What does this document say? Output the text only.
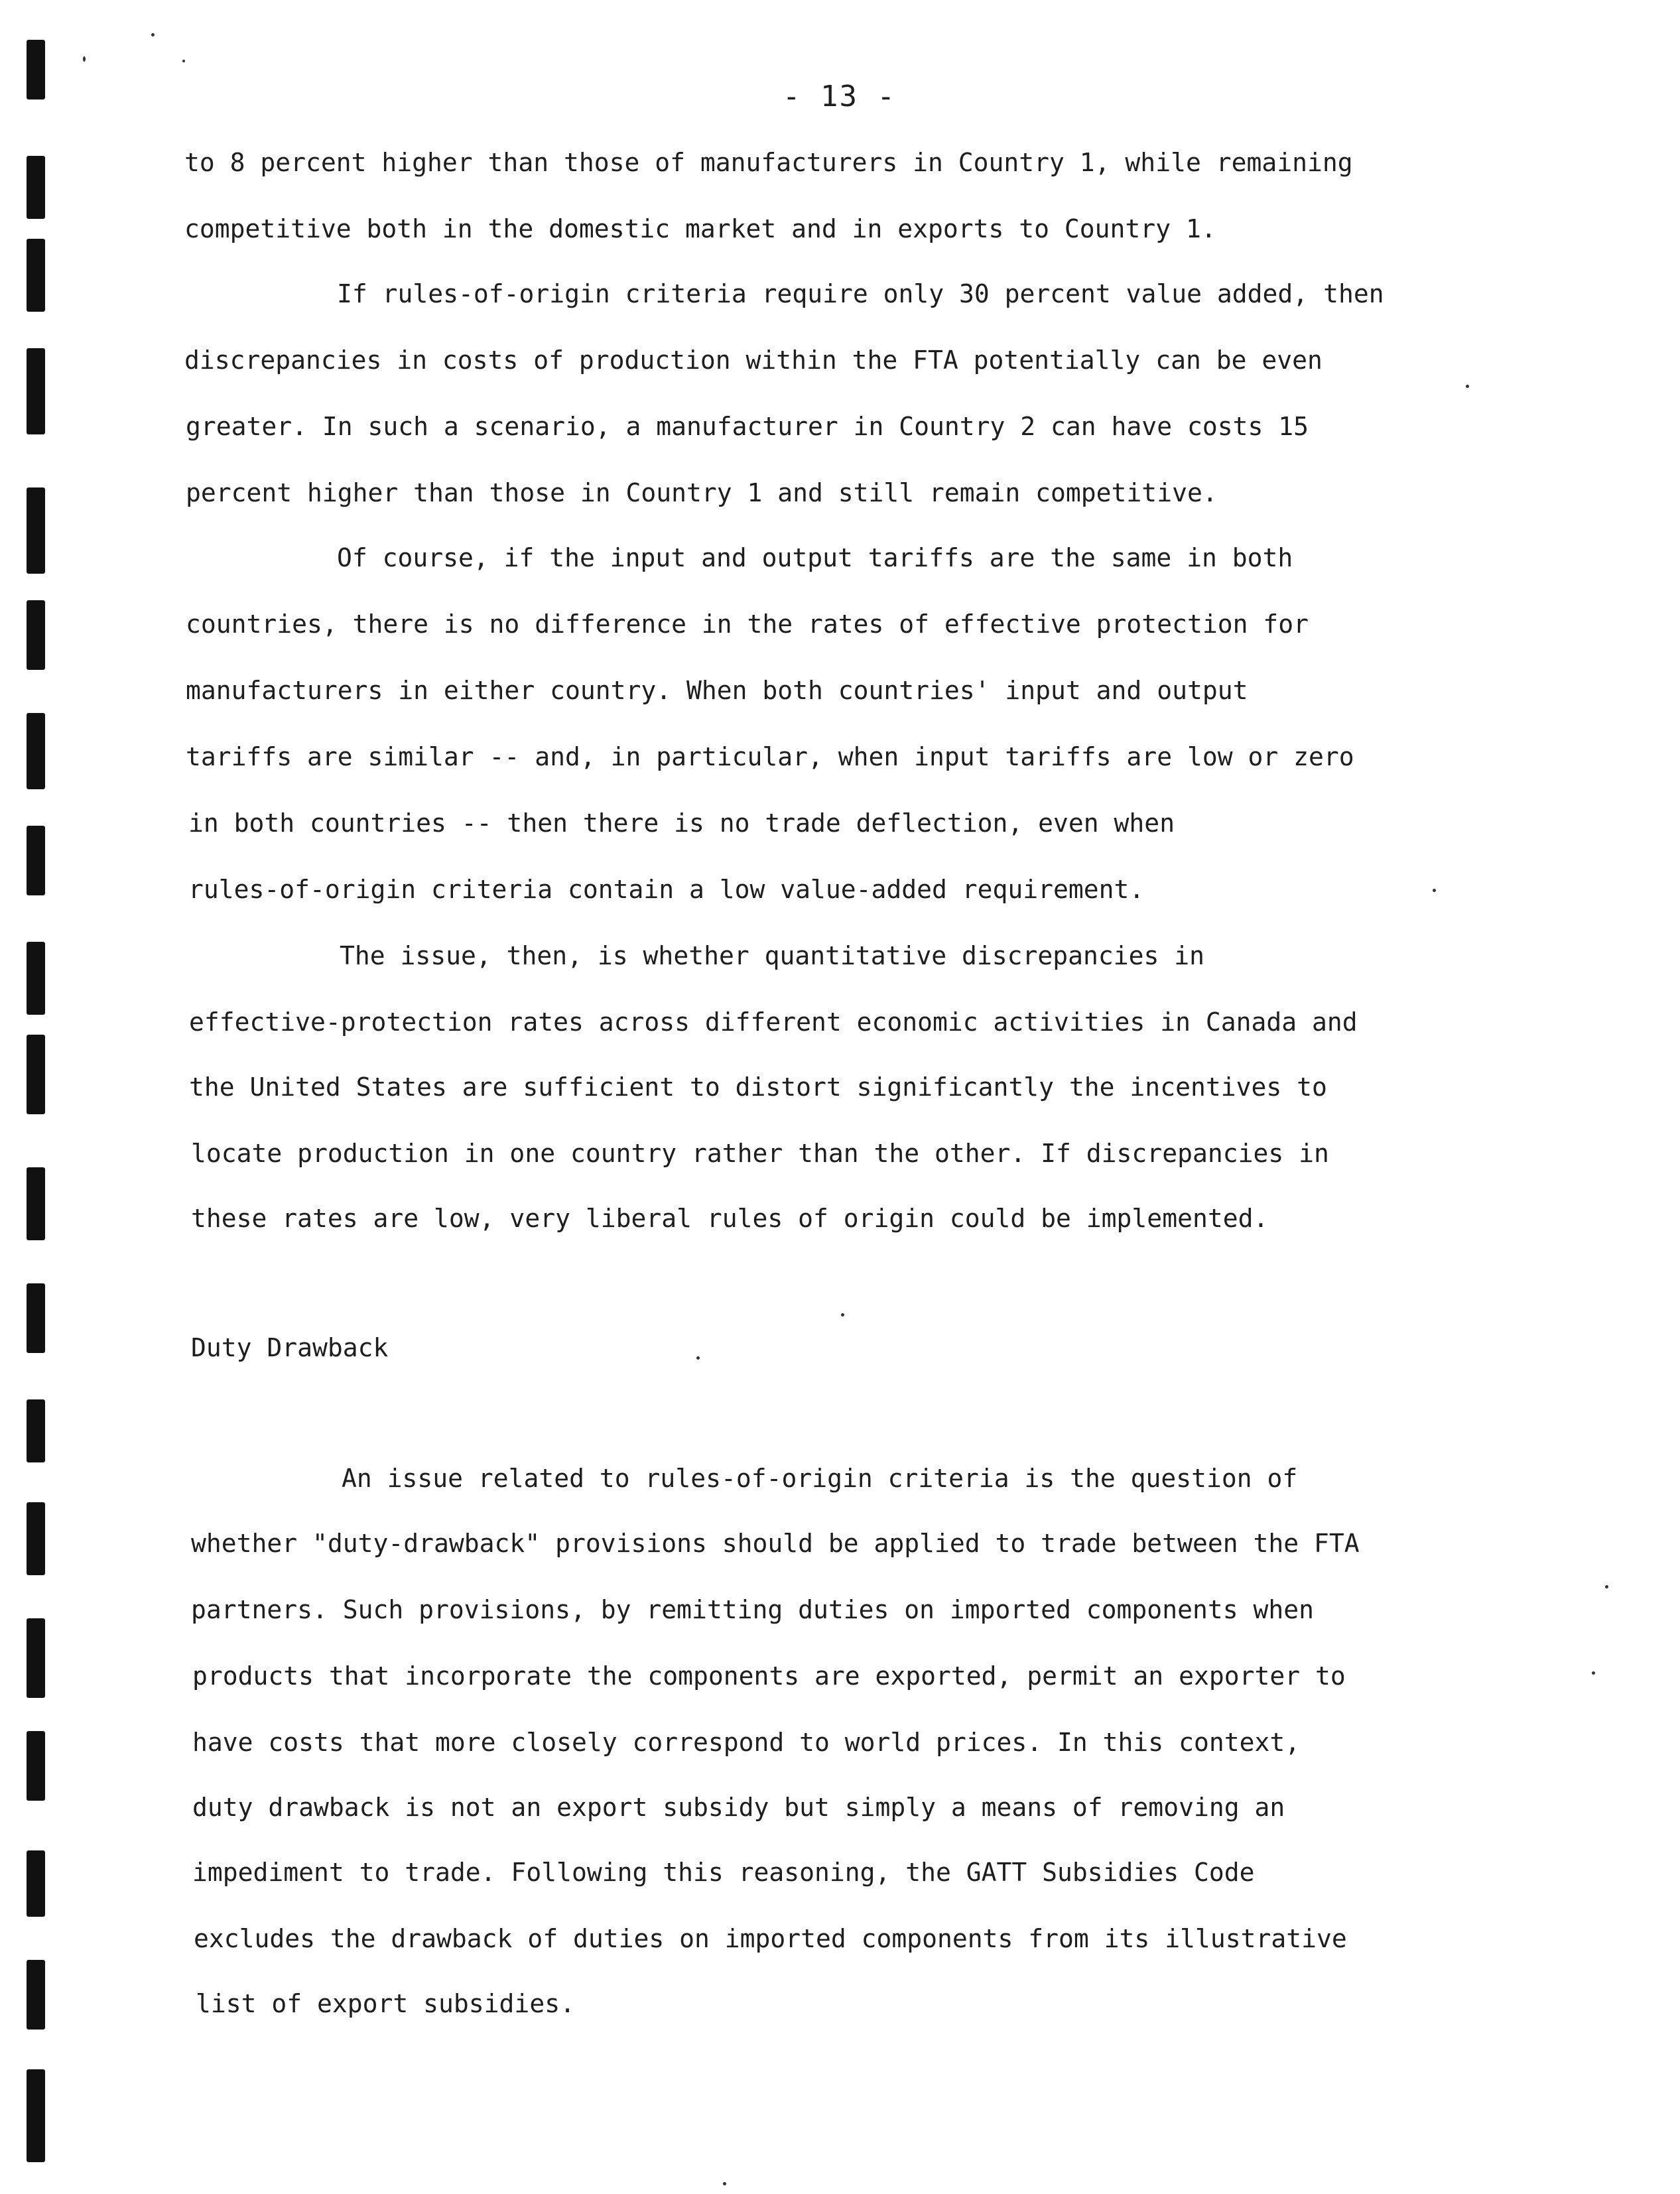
- 13 -
to 8 percent higher than those of manufacturers in Country 1, while remaining
competitive both in the domestic market and in exports to Country 1.
If rules-of-origin criteria require only 30 percent value added, then
discrepancies in costs of production within the FTA potentially can be even
greater. In such a scenario, a manufacturer in Country 2 can have costs 15
percent higher than those in Country 1 and still remain competitive.
Of course, if the input and output tariffs are the same in both
countries, there is no difference in the rates of effective protection for
manufacturers in either country. When both countries' input and output
tariffs are similar -- and, in particular, when input tariffs are low or zero
in both countries -- then there is no trade deflection, even when
rules-of-origin criteria contain a low value-added requirement.
The issue, then, is whether quantitative discrepancies in
effective-protection rates across different economic activities in Canada and
the United States are sufficient to distort significantly the incentives to
locate production in one country rather than the other. If discrepancies in
these rates are low, very liberal rules of origin could be implemented.
Duty Drawback
An issue related to rules-of-origin criteria is the question of
whether "duty-drawback" provisions should be applied to trade between the FTA
partners. Such provisions, by remitting duties on imported components when
products that incorporate the components are exported, permit an exporter to
have costs that more closely correspond to world prices. In this context,
duty drawback is not an export subsidy but simply a means of removing an
impediment to trade. Following this reasoning, the GATT Subsidies Code
excludes the drawback of duties on imported components from its illustrative
list of export subsidies.
